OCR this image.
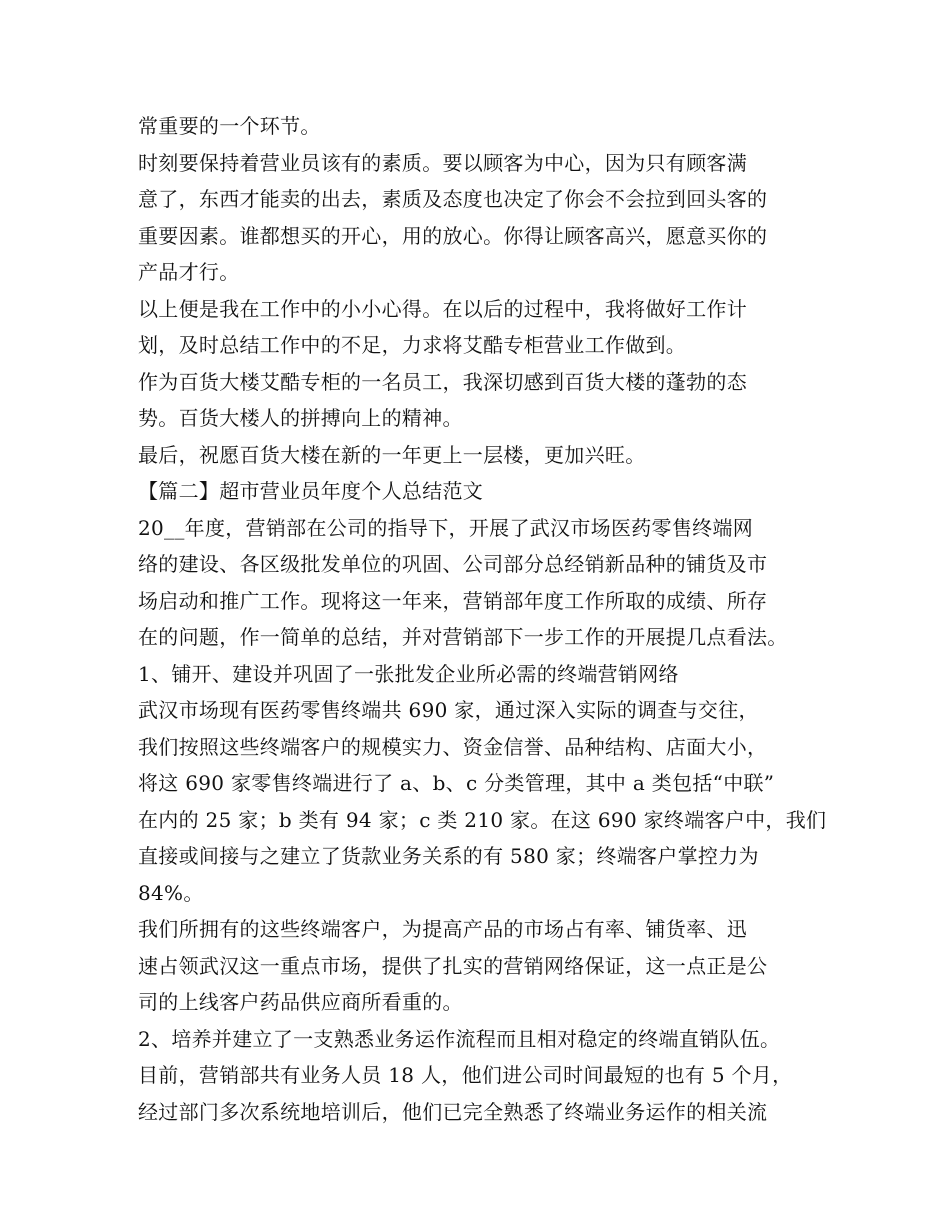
常重要的一个环节。
时刻要保持着营业员该有的素质。要以顾客为中心，因为只有顾客满
意了，东西才能卖的出去，素质及态度也决定了你会不会拉到回头客的
重要因素。谁都想买的开心，用的放心。你得让顾客高兴，愿意买你的
产品才行。
以上便是我在工作中的小小心得。在以后的过程中，我将做好工作计
划，及时总结工作中的不足，力求将艾酷专柜营业工作做到。
作为百货大楼艾酷专柜的一名员工，我深切感到百货大楼的蓬勃的态
势。百货大楼人的拼搏向上的精神。
最后，祝愿百货大楼在新的一年更上一层楼，更加兴旺。
【篇二】超市营业员年度个人总结范文
20__年度，营销部在公司的指导下，开展了武汉市场医药零售终端网
络的建设、各区级批发单位的巩固、公司部分总经销新品种的铺货及市
场启动和推广工作。现将这一年来，营销部年度工作所取的成绩、所存
在的问题，作一简单的总结，并对营销部下一步工作的开展提几点看法。
1、铺开、建设并巩固了一张批发企业所必需的终端营销网络
武汉市场现有医药零售终端共 690 家，通过深入实际的调查与交往，
我们按照这些终端客户的规模实力、资金信誉、品种结构、店面大小，
将这 690 家零售终端进行了 a、b、c 分类管理，其中 a 类包括“中联”
在内的 25 家；b 类有 94 家；c 类 210 家。在这 690 家终端客户中，我们
直接或间接与之建立了货款业务关系的有 580 家；终端客户掌控力为
84%。
我们所拥有的这些终端客户，为提高产品的市场占有率、铺货率、迅
速占领武汉这一重点市场，提供了扎实的营销网络保证，这一点正是公
司的上线客户药品供应商所看重的。
2、培养并建立了一支熟悉业务运作流程而且相对稳定的终端直销队伍。
目前，营销部共有业务人员 18 人，他们进公司时间最短的也有 5 个月，
经过部门多次系统地培训后，他们已完全熟悉了终端业务运作的相关流
